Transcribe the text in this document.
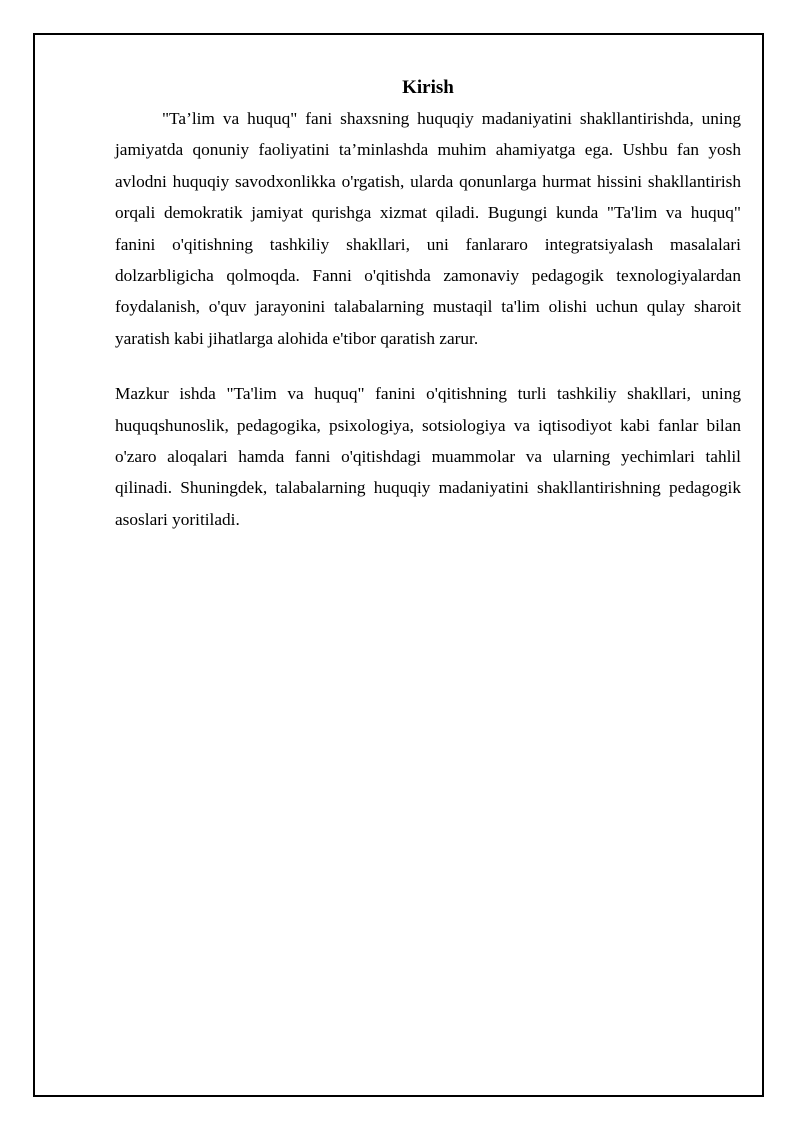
Kirish

"Ta’lim va huquq" fani shaxsning huquqiy madaniyatini shakllantirishda, uning jamiyatda qonuniy faoliyatini ta’minlashda muhim ahamiyatga ega. Ushbu fan yosh avlodni huquqiy savodxonlikka o'rgatish, ularda qonunlarga hurmat hissini shakllantirish orqali demokratik jamiyat qurishga xizmat qiladi. Bugungi kunda "Ta'lim va huquq" fanini o'qitishning tashkiliy shakllari, uni fanlararo integratsiyalash masalalari dolzarbligicha qolmoqda. Fanni o'qitishda zamonaviy pedagogik texnologiyalardan foydalanish, o'quv jarayonini talabalarning mustaqil ta'lim olishi uchun qulay sharoit yaratish kabi jihatlarga alohida e'tibor qaratish zarur.

Mazkur ishda "Ta'lim va huquq" fanini o'qitishning turli tashkiliy shakllari, uning huquqshunoslik, pedagogika, psixologiya, sotsiologiya va iqtisodiyot kabi fanlar bilan o'zaro aloqalari hamda fanni o'qitishdagi muammolar va ularning yechimlari tahlil qilinadi. Shuningdek, talabalarning huquqiy madaniyatini shakllantirishning pedagogik asoslari yoritiladi.
